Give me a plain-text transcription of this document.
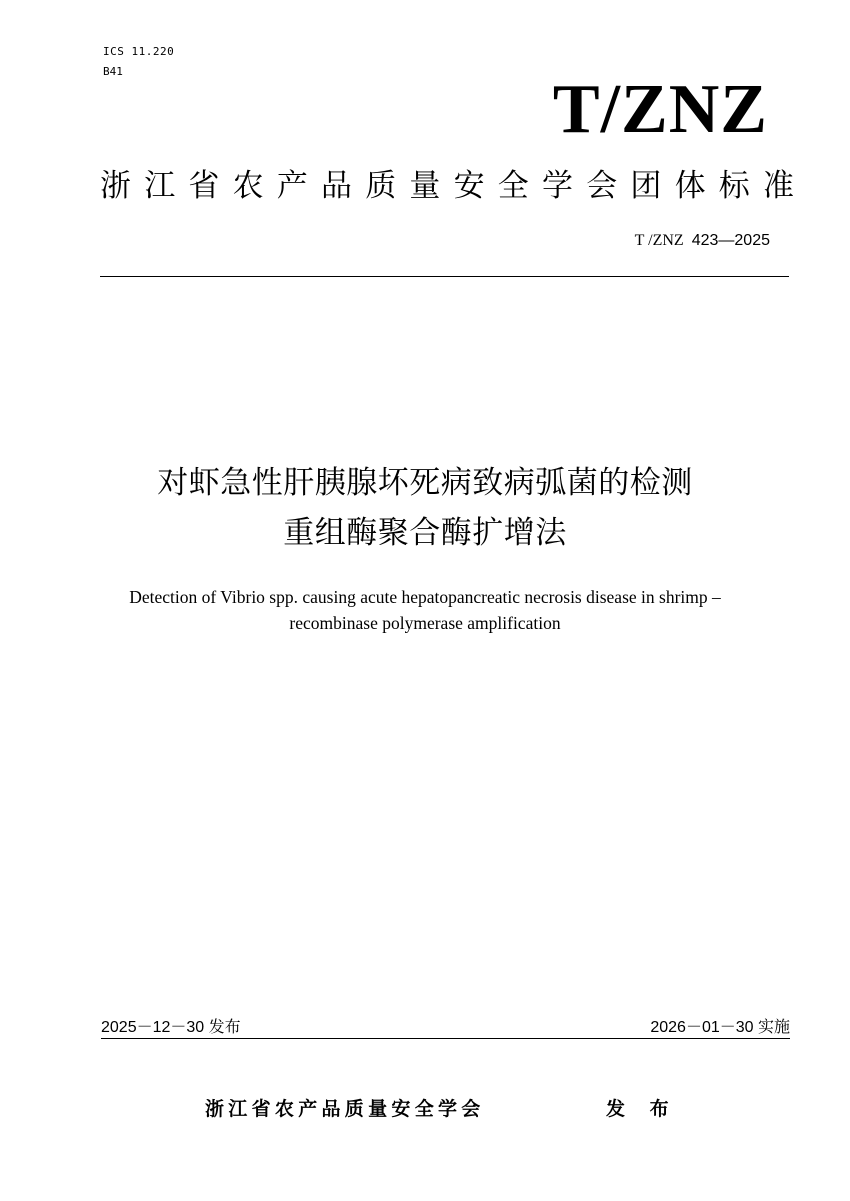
ICS 11.220
B41	T/ZNZ
浙江省农产品质量安全学会团体标准
T /ZNZ 423—2025
对虾急性肝胰腺坏死病致病弧菌的检测
重组酶聚合酶扩增法
Detection of Vibrio spp. causing acute hepatopancreatic necrosis disease in shrimp –
recombinase polymerase amplification
2025－12－30 发布	2026－01－30 实施
浙江省农产品质量安全学会	发 布
